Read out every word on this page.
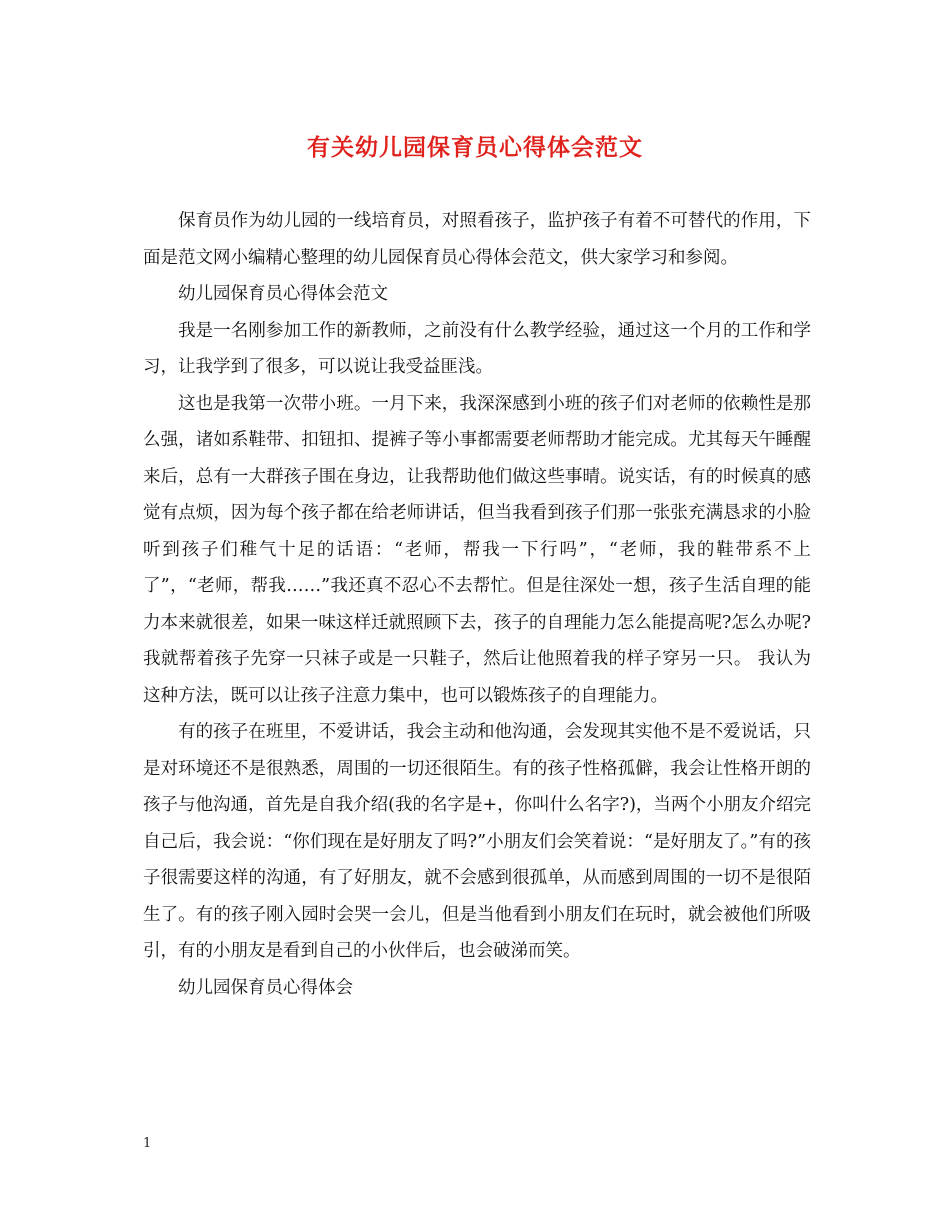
有关幼儿园保育员心得体会范文

保育员作为幼儿园的一线培育员，对照看孩子，监护孩子有着不可替代的作用，下面是范文网小编精心整理的幼儿园保育员心得体会范文，供大家学习和参阅。

幼儿园保育员心得体会范文

我是一名刚参加工作的新教师，之前没有什么教学经验，通过这一个月的工作和学习，让我学到了很多，可以说让我受益匪浅。

这也是我第一次带小班。一月下来，我深深感到小班的孩子们对老师的依赖性是那么强，诸如系鞋带、扣钮扣、提裤子等小事都需要老师帮助才能完成。尤其每天午睡醒来后，总有一大群孩子围在身边，让我帮助他们做这些事晴。说实话，有的时候真的感觉有点烦，因为每个孩子都在给老师讲话，但当我看到孩子们那一张张充满恳求的小脸听到孩子们稚气十足的话语：“老师，帮我一下行吗”，“老师，我的鞋带系不上了”，“老师，帮我……”我还真不忍心不去帮忙。但是往深处一想，孩子生活自理的能力本来就很差，如果一味这样迁就照顾下去，孩子的自理能力怎么能提高呢?怎么办呢?我就帮着孩子先穿一只袜子或是一只鞋子，然后让他照着我的样子穿另一只。 我认为这种方法，既可以让孩子注意力集中，也可以锻炼孩子的自理能力。

有的孩子在班里，不爱讲话，我会主动和他沟通，会发现其实他不是不爱说话，只是对环境还不是很熟悉，周围的一切还很陌生。有的孩子性格孤僻，我会让性格开朗的孩子与他沟通，首先是自我介绍(我的名字是+，你叫什么名字?)，当两个小朋友介绍完自己后，我会说：“你们现在是好朋友了吗?”小朋友们会笑着说：“是好朋友了。”有的孩子很需要这样的沟通，有了好朋友，就不会感到很孤单，从而感到周围的一切不是很陌生了。有的孩子刚入园时会哭一会儿，但是当他看到小朋友们在玩时，就会被他们所吸引，有的小朋友是看到自己的小伙伴后，也会破涕而笑。

幼儿园保育员心得体会

1
